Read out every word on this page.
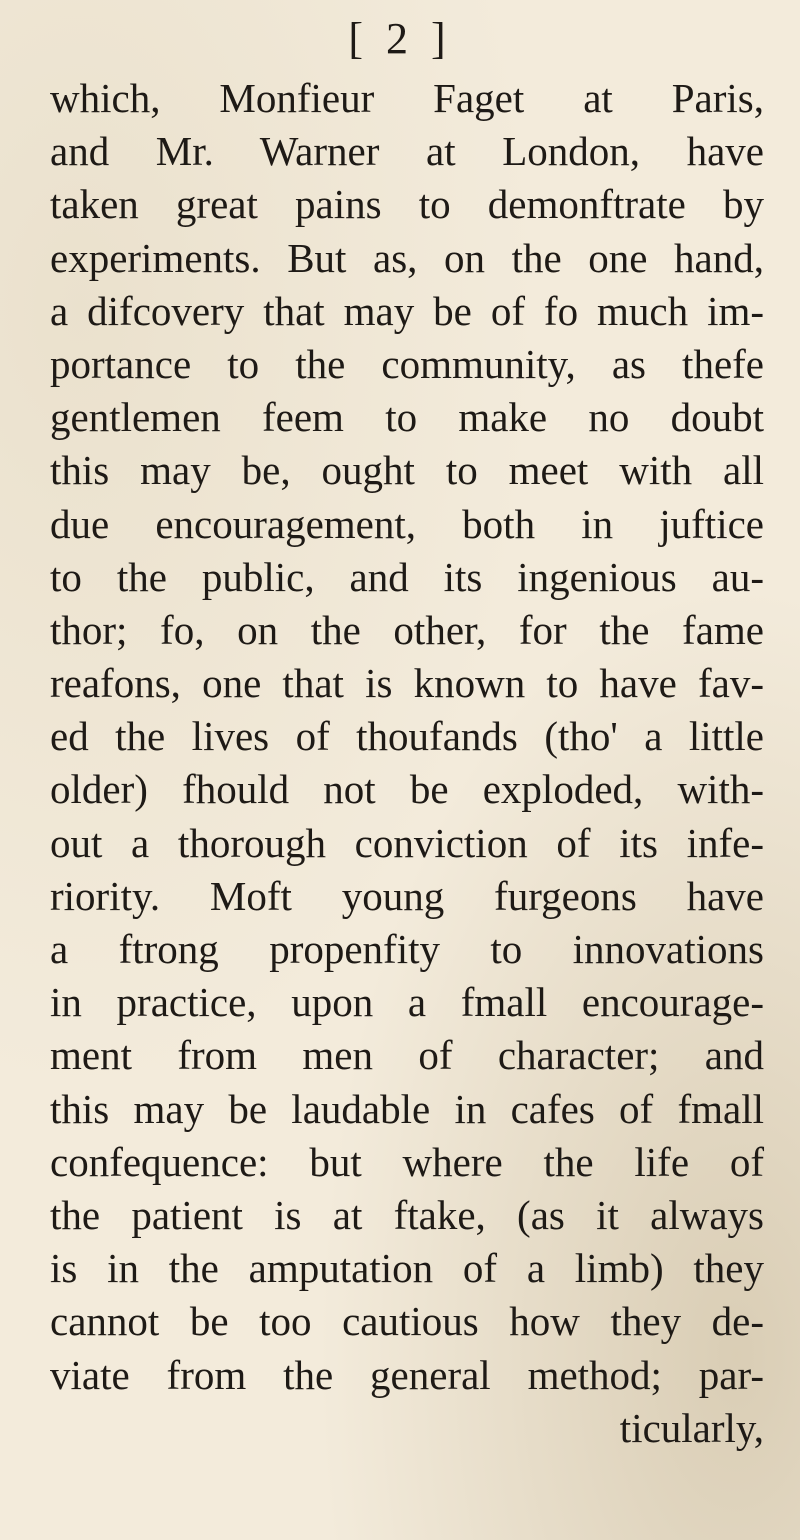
[ 2 ]
which, Monfieur Faget at Paris,
and Mr. Warner at London, have
taken great pains to demonftrate by
experiments. But as, on the one hand,
a difcovery that may be of fo much im-
portance to the community, as thefe
gentlemen feem to make no doubt
this may be, ought to meet with all
due encouragement, both in juftice
to the public, and its ingenious au-
thor; fo, on the other, for the fame
reafons, one that is known to have fav-
ed the lives of thoufands (tho' a little
older) fhould not be exploded, with-
out a thorough conviction of its infe-
riority. Moft young furgeons have
a ftrong propenfity to innovations
in practice, upon a fmall encourage-
ment from men of character; and
this may be laudable in cafes of fmall
confequence: but where the life of
the patient is at ftake, (as it always
is in the amputation of a limb) they
cannot be too cautious how they de-
viate from the general method; par-
ticularly,
